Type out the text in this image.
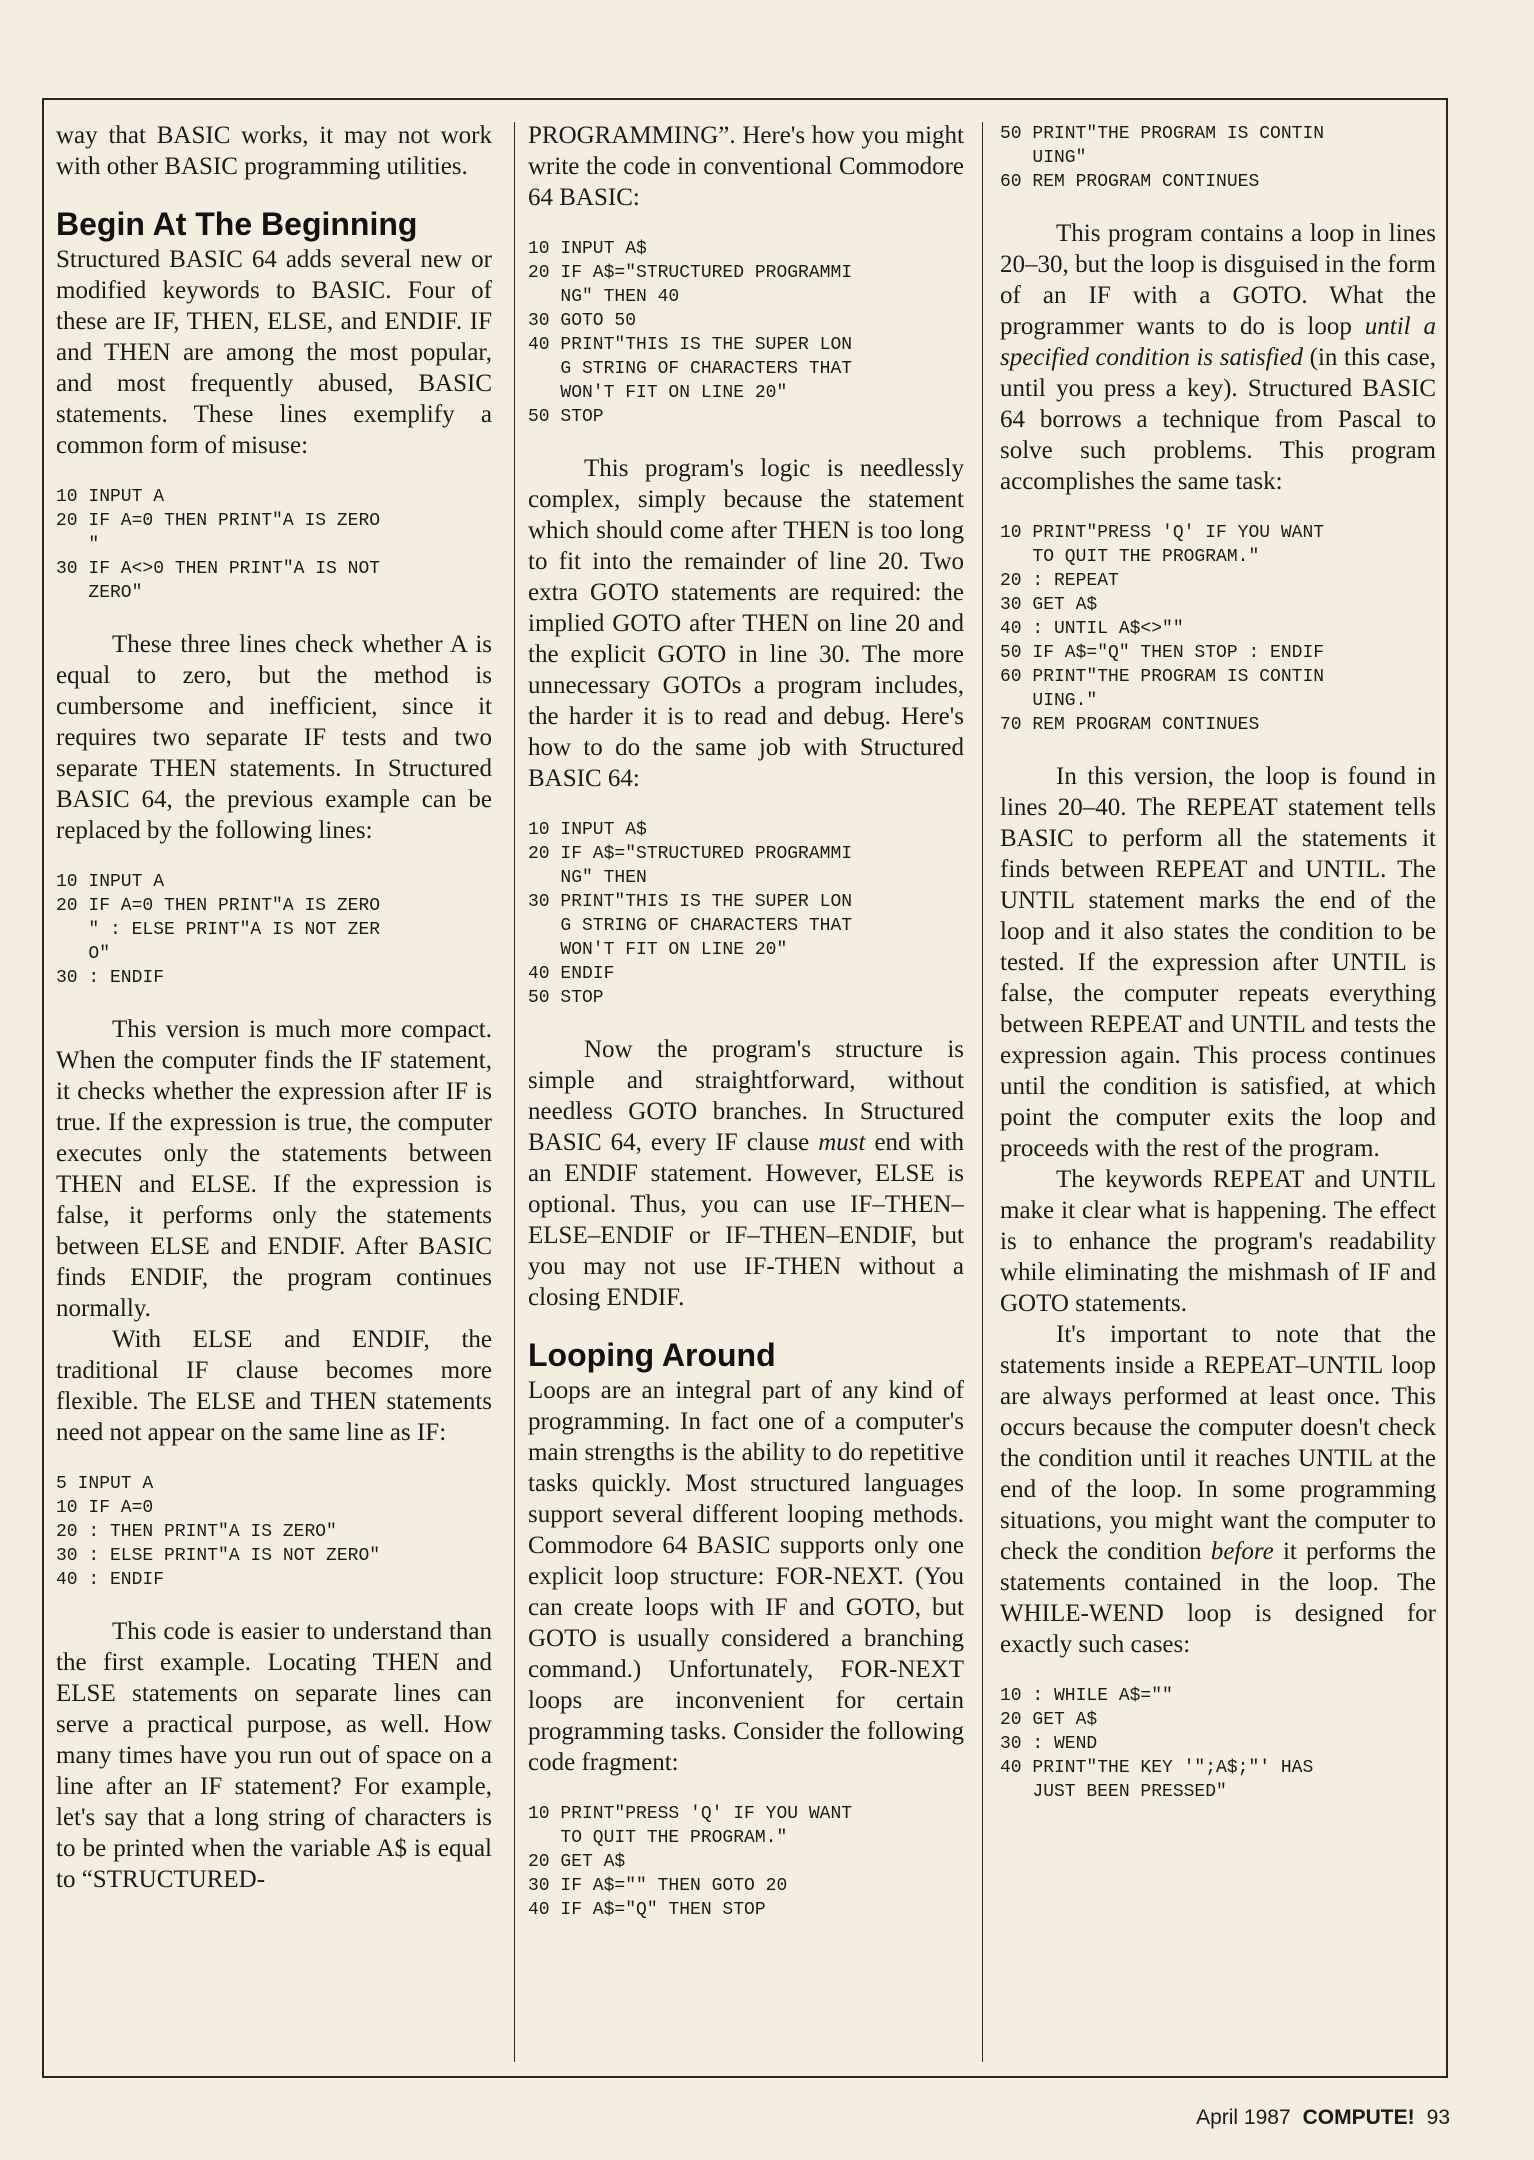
way that BASIC works, it may not work with other BASIC programming utilities.

Begin At The Beginning

Structured BASIC 64 adds several new or modified keywords to BASIC. Four of these are IF, THEN, ELSE, and ENDIF. IF and THEN are among the most popular, and most frequently abused, BASIC statements. These lines exemplify a common form of misuse:

10 INPUT A
20 IF A=0 THEN PRINT"A IS ZERO
"
30 IF A<>0 THEN PRINT"A IS NOT
ZERO"

These three lines check whether A is equal to zero, but the method is cumbersome and inefficient, since it requires two separate IF tests and two separate THEN statements. In Structured BASIC 64, the previous example can be replaced by the following lines:

10 INPUT A
20 IF A=0 THEN PRINT"A IS ZERO
" : ELSE PRINT"A IS NOT ZER
O"
30 : ENDIF

This version is much more compact. When the computer finds the IF statement, it checks whether the expression after IF is true. If the expression is true, the computer executes only the statements between THEN and ELSE. If the expression is false, it performs only the statements between ELSE and ENDIF. After BASIC finds ENDIF, the program continues normally.

With ELSE and ENDIF, the traditional IF clause becomes more flexible. The ELSE and THEN statements need not appear on the same line as IF:

5 INPUT A
10 IF A=0
20 : THEN PRINT"A IS ZERO"
30 : ELSE PRINT"A IS NOT ZERO"
40 : ENDIF

This code is easier to understand than the first example. Locating THEN and ELSE statements on separate lines can serve a practical purpose, as well. How many times have you run out of space on a line after an IF statement? For example, let's say that a long string of characters is to be printed when the variable A$ is equal to “STRUCTURED-

PROGRAMMING”. Here's how you might write the code in conventional Commodore 64 BASIC:

10 INPUT A$
20 IF A$="STRUCTURED PROGRAMMI
NG" THEN 40
30 GOTO 50
40 PRINT"THIS IS THE SUPER LON
G STRING OF CHARACTERS THAT
WON'T FIT ON LINE 20"
50 STOP

This program's logic is needlessly complex, simply because the statement which should come after THEN is too long to fit into the remainder of line 20. Two extra GOTO statements are required: the implied GOTO after THEN on line 20 and the explicit GOTO in line 30. The more unnecessary GOTOs a program includes, the harder it is to read and debug. Here's how to do the same job with Structured BASIC 64:

10 INPUT A$
20 IF A$="STRUCTURED PROGRAMMI
NG" THEN
30 PRINT"THIS IS THE SUPER LON
G STRING OF CHARACTERS THAT
WON'T FIT ON LINE 20"
40 ENDIF
50 STOP

Now the program's structure is simple and straightforward, without needless GOTO branches. In Structured BASIC 64, every IF clause must end with an ENDIF statement. However, ELSE is optional. Thus, you can use IF–THEN–ELSE–ENDIF or IF–THEN–ENDIF, but you may not use IF-THEN without a closing ENDIF.

Looping Around

Loops are an integral part of any kind of programming. In fact one of a computer's main strengths is the ability to do repetitive tasks quickly. Most structured languages support several different looping methods. Commodore 64 BASIC supports only one explicit loop structure: FOR-NEXT. (You can create loops with IF and GOTO, but GOTO is usually considered a branching command.) Unfortunately, FOR-NEXT loops are inconvenient for certain programming tasks. Consider the following code fragment:

10 PRINT"PRESS 'Q' IF YOU WANT
TO QUIT THE PROGRAM."
20 GET A$
30 IF A$="" THEN GOTO 20
40 IF A$="Q" THEN STOP
50 PRINT"THE PROGRAM IS CONTIN
UING"
60 REM PROGRAM CONTINUES

This program contains a loop in lines 20–30, but the loop is disguised in the form of an IF with a GOTO. What the programmer wants to do is loop until a specified condition is satisfied (in this case, until you press a key). Structured BASIC 64 borrows a technique from Pascal to solve such problems. This program accomplishes the same task:

10 PRINT"PRESS 'Q' IF YOU WANT
TO QUIT THE PROGRAM."
20 : REPEAT
30 GET A$
40 : UNTIL A$<>""
50 IF A$="Q" THEN STOP : ENDIF
60 PRINT"THE PROGRAM IS CONTIN
UING."
70 REM PROGRAM CONTINUES

In this version, the loop is found in lines 20–40. The REPEAT statement tells BASIC to perform all the statements it finds between REPEAT and UNTIL. The UNTIL statement marks the end of the loop and it also states the condition to be tested. If the expression after UNTIL is false, the computer repeats everything between REPEAT and UNTIL and tests the expression again. This process continues until the condition is satisfied, at which point the computer exits the loop and proceeds with the rest of the program.

The keywords REPEAT and UNTIL make it clear what is happening. The effect is to enhance the program's readability while eliminating the mishmash of IF and GOTO statements.

It's important to note that the statements inside a REPEAT–UNTIL loop are always performed at least once. This occurs because the computer doesn't check the condition until it reaches UNTIL at the end of the loop. In some programming situations, you might want the computer to check the condition before it performs the statements contained in the loop. The WHILE-WEND loop is designed for exactly such cases:

10 : WHILE A$=""
20 GET A$
30 : WEND
40 PRINT"THE KEY '";A$;"' HAS
JUST BEEN PRESSED"
April 1987 COMPUTE! 93
